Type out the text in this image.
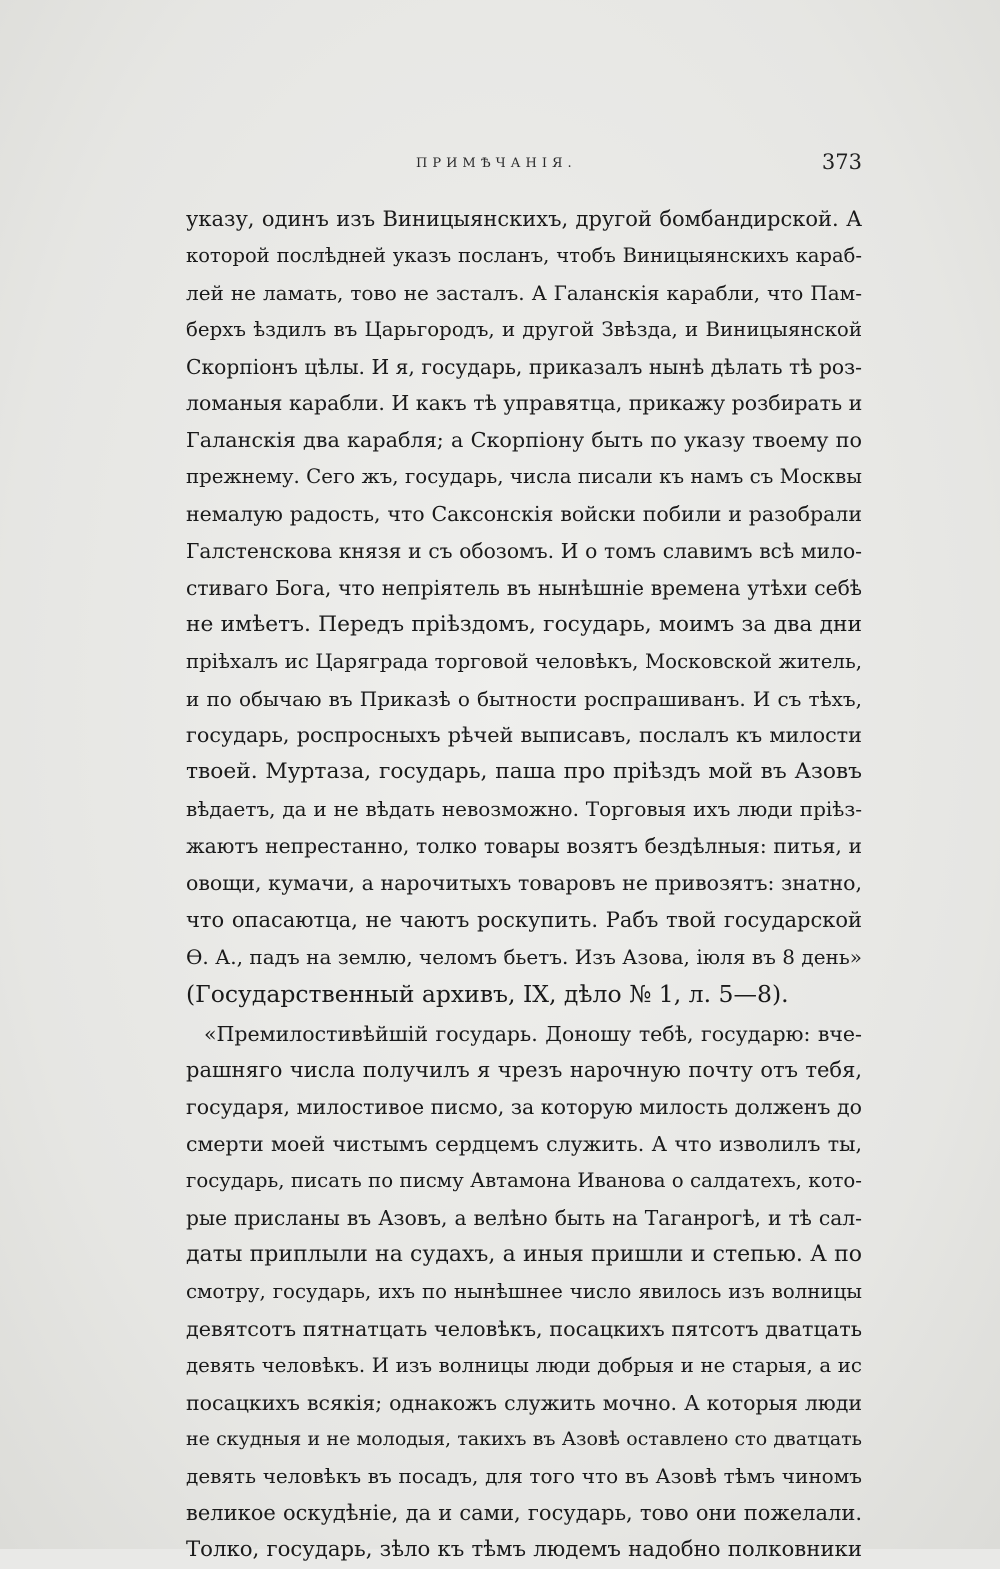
ПРИМѢЧАНІЯ.	373
указу, одинъ изъ Виницыянскихъ, другой бомбандирской. А
которой послѣдней указъ посланъ, чтобъ Виницыянскихъ караб-
лей не ламать, тово не засталъ. А Галанскія карабли, что Пам-
берхъ ѣздилъ въ Царьгородъ, и другой Звѣзда, и Виницыянской
Скорпіонъ цѣлы. И я, государь, приказалъ нынѣ дѣлать тѣ роз-
ломаныя карабли. И какъ тѣ управятца, прикажу розбирать и
Галанскія два карабля; а Скорпіону быть по указу твоему по
прежнему. Сего жъ, государь, числа писали къ намъ съ Москвы
немалую радость, что Саксонскія войски побили и разобрали
Галстенскова князя и съ обозомъ. И о томъ славимъ всѣ мило-
стиваго Бога, что непріятель въ нынѣшніе времена утѣхи себѣ
не имѣетъ. Передъ пріѣздомъ, государь, моимъ за два дни
пріѣхалъ ис Царяграда торговой человѣкъ, Московской житель,
и по обычаю въ Приказѣ о бытности роспрашиванъ. И съ тѣхъ,
государь, роспросныхъ рѣчей выписавъ, послалъ къ милости
твоей. Муртаза, государь, паша про пріѣздъ мой въ Азовъ
вѣдаетъ, да и не вѣдать невозможно. Торговыя ихъ люди пріѣз-
жаютъ непрестанно, толко товары возятъ бездѣлныя: питья, и
овощи, кумачи, а нарочитыхъ товаровъ не привозятъ: знатно,
что опасаютца, не чаютъ роскупить. Рабъ твой государской
Ѳ. А., падъ на землю, челомъ бьетъ. Изъ Азова, іюля въ 8 день»
(Государственный архивъ, IX, дѣло № 1, л. 5—8).
«Премилостивѣйшій государь. Доношу тебѣ, государю: вче-
рашняго числа получилъ я чрезъ нарочную почту отъ тебя,
государя, милостивое писмо, за которую милость долженъ до
смерти моей чистымъ сердцемъ служить. А что изволилъ ты,
государь, писать по писму Автамона Иванова о салдатехъ, кото-
рые присланы въ Азовъ, а велѣно быть на Таганрогѣ, и тѣ сал-
даты приплыли на судахъ, а иныя пришли и степью. А по
смотру, государь, ихъ по нынѣшнее число явилось изъ волницы
девятсотъ пятнатцать человѣкъ, посацкихъ пятсотъ дватцать
девять человѣкъ. И изъ волницы люди добрыя и не старыя, а ис
посацкихъ всякія; однакожъ служить мочно. А которыя люди
не скудныя и не молодыя, такихъ въ Азовѣ оставлено сто дватцать
девять человѣкъ въ посадъ, для того что въ Азовѣ тѣмъ чиномъ
великое оскудѣніе, да и сами, государь, тово они пожелали.
Толко, государь, зѣло къ тѣмъ людемъ надобно полковники
